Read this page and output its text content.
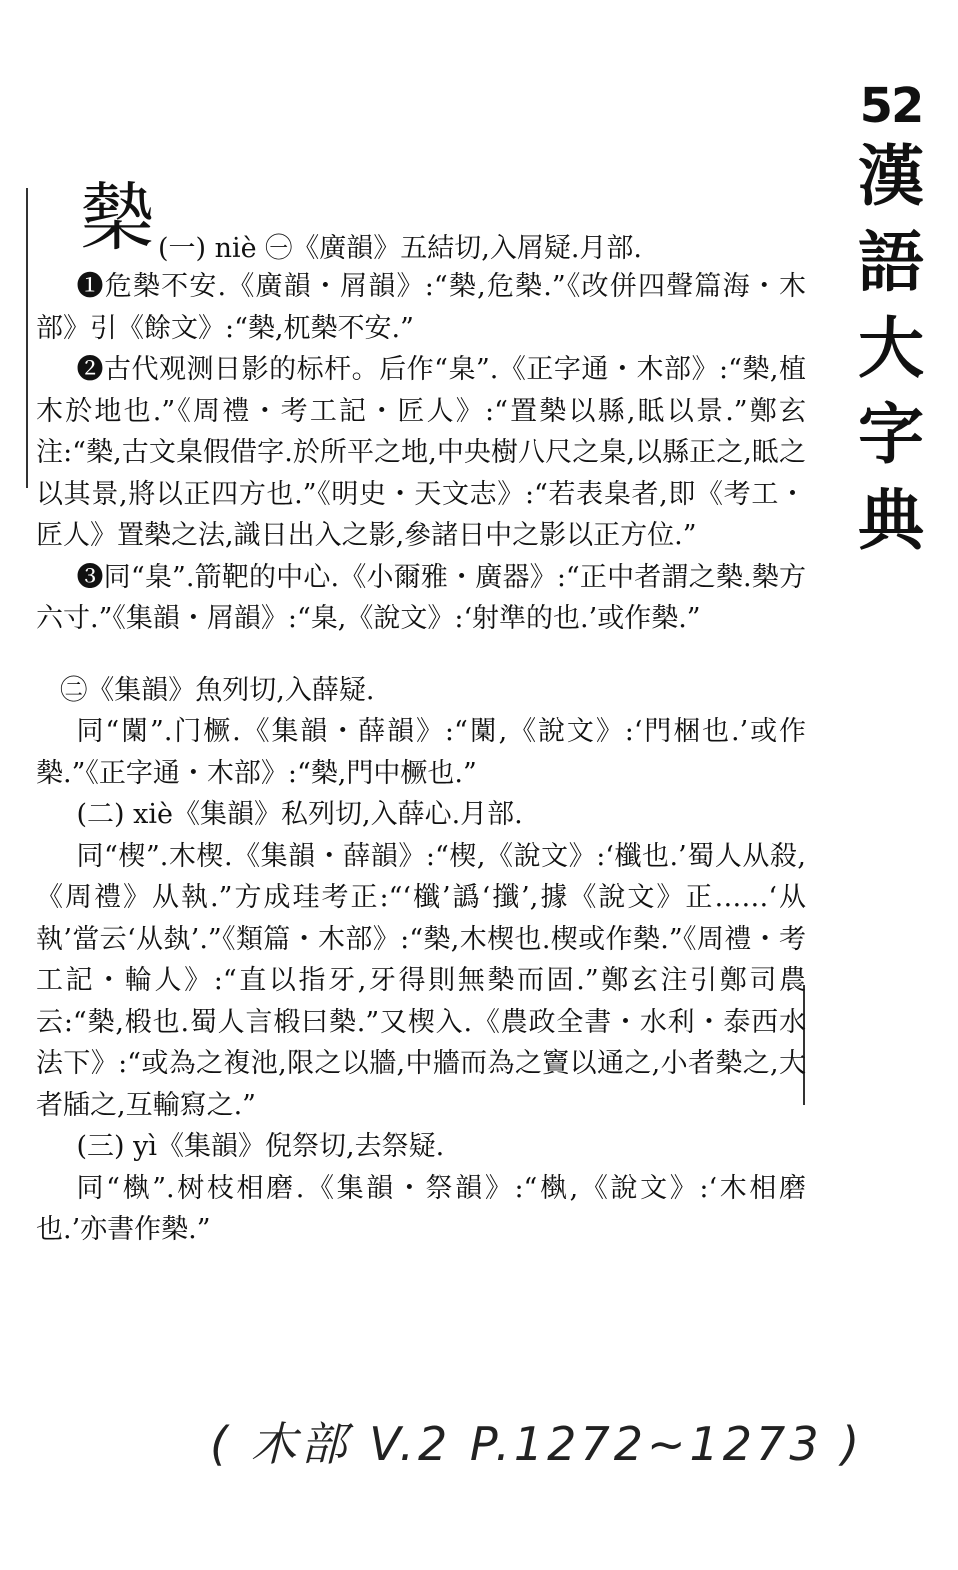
52
漢
語
大
字
典
槷 (一) niè ㊀《廣韻》五結切,入屑疑.月部.

❶危槷不安.《廣韻・屑韻》:“槷,危槷.”《改併四聲篇海・木部》引《餘文》:“槷,杌槷不安.”

❷古代观测日影的标杆。后作“臬”.《正字通・木部》:“槷,植木於地也.”《周禮・考工記・匠人》:“置槷以縣,眡以景.”鄭玄注:“槷,古文臬假借字.於所平之地,中央樹八尺之臬,以縣正之,眡之以其景,將以正四方也.”《明史・天文志》:“若表臬者,即《考工・匠人》置槷之法,識日出入之影,參諸日中之影以正方位.”

❸同“臬”.箭靶的中心.《小爾雅・廣器》:“正中者謂之槷.槷方六寸.”《集韻・屑韻》:“臬,《說文》:‘射準的也.’或作槷.”

㊁《集韻》魚列切,入薛疑.

同“闑”.门橛.《集韻・薛韻》:“闑,《說文》:‘門梱也.’或作槷.”《正字通・木部》:“槷,門中橛也.”

(二) xiè《集韻》私列切,入薛心.月部.

同“楔”.木楔.《集韻・薛韻》:“楔,《說文》:‘櫼也.’蜀人从殺,《周禮》从執.”方成珪考正:“‘櫼’譌‘攕’,據《說文》正……‘从執’當云‘从埶’.”《類篇・木部》:“槷,木楔也.楔或作槷.”《周禮・考工記・輪人》:“直以指牙,牙得則無槷而固.”鄭玄注引鄭司農云:“槷,椴也.蜀人言椴曰槷.”又楔入.《農政全書・水利・泰西水法下》:“或為之複池,限之以牆,中牆而為之竇以通之,小者槷之,大者牐之,互輸寫之.”

(三) yì《集韻》倪祭切,去祭疑.

同“槸”.树枝相磨.《集韻・祭韻》:“槸,《說文》:‘木相磨也.’亦書作槷.”

( 木部 V.2 P.1272~1273 )
